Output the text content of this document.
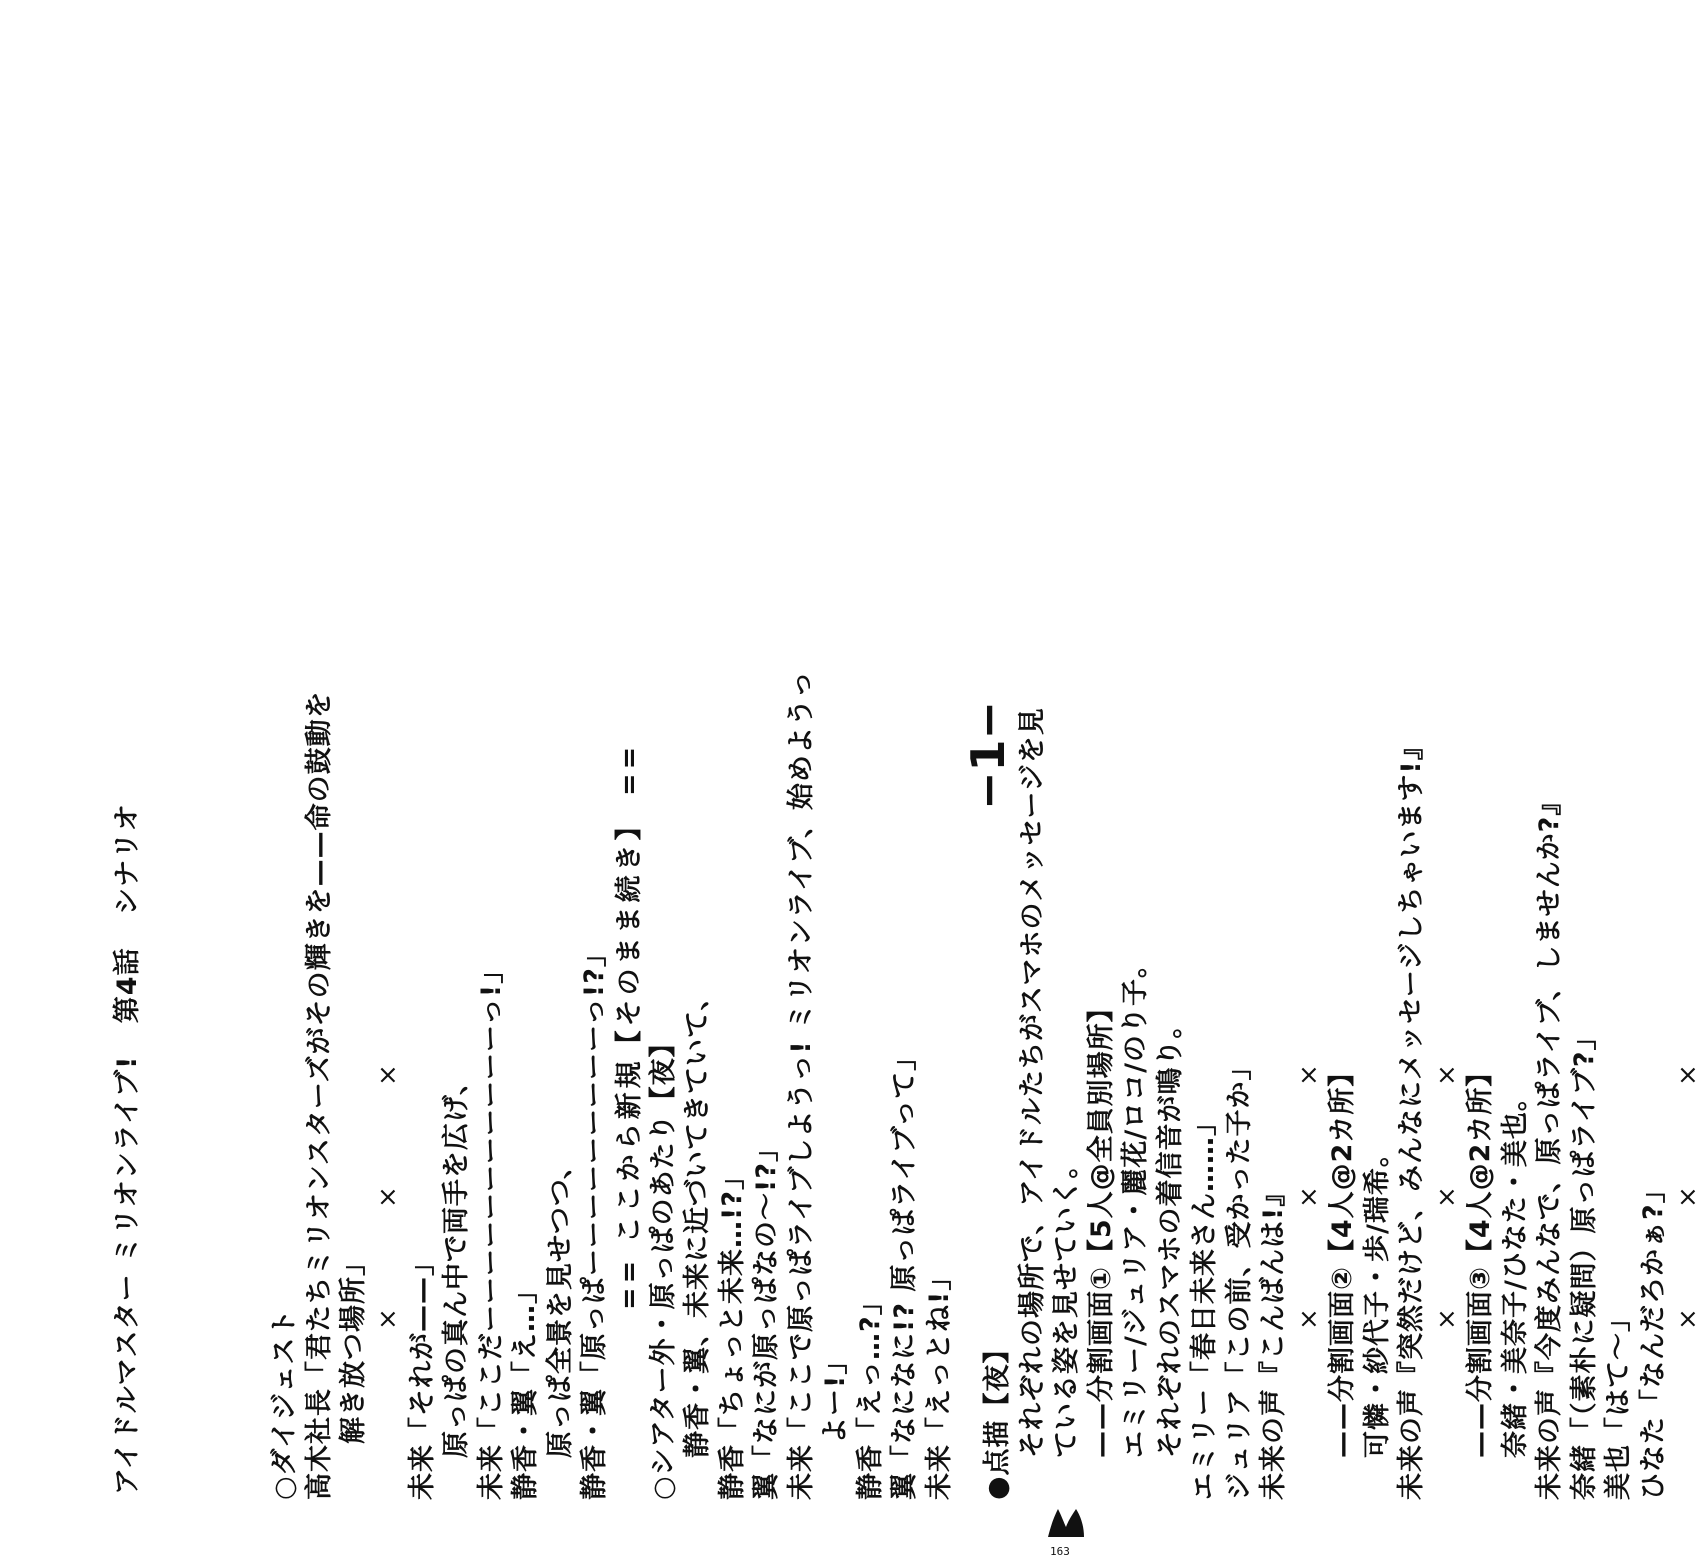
アイドルマスター ミリオンライブ! 第4話 シナリオ
○ダイジェスト 高木社長「君たちミリオンスターズがその輝きを——命の鼓動を 解き放つ場所」 ×
×
×
未来「それが——」 原っぱの真ん中で両手を広げ、 未来「ここだーーーーーーーーーーーっ!」 静香・翼「え…」 原っぱ全景を見せつつ、 静香・翼「原っぱーーーーーーーーーっ!?」 == ここから新規【そのまま続き】 == ○シアター外・原っぱのあたり【夜】 静香・翼、未来に近づいてきていて、 静香「ちょっと未来…!?」 翼「なにが原っぱなの～!?」 未来「ここで原っぱライブしようっ! ミリオンライブ、始めようっ よー!」 静香「えっ…?」 翼「なになに!? 原っぱライブって」 未来「えっとね!」 ●点描【夜】 それぞれの場所で、アイドルたちがスマホのメッセージを見 ている姿を見せていく。 ——分割画面①【5人@全員別場所】 エミリー/ジュリア・麗花/ロコ/のり子。 それぞれのスマホの着信音が鳴り。 エミリー「春日未来さん……」 ジュリア「この前、受かった子か」 未来の声『こんばんは!』 ×
×
× ——分割画面②【4人@2カ所】 可憐・紗代子・歩/瑞希。 未来の声『突然だけど、みんなにメッセージしちゃいます!』 ×
×
× ——分割画面③【4人@2カ所】 奈緒・美奈子/ひなた・美也。 未来の声『今度みんなで、原っぱライブ、しませんか?』 奈緒「（素朴に疑問）原っぱライブ?」 美也「はて～」 ひなた「なんだろかぁ?」 ×
×
×
−1−
163
